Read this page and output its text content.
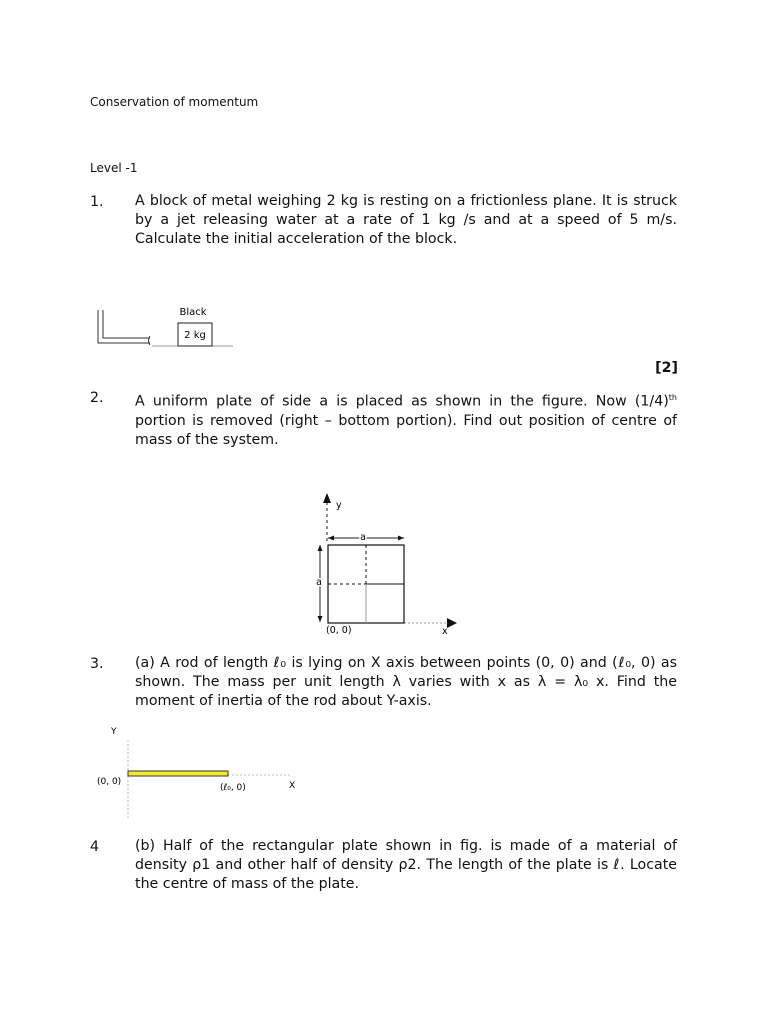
Conservation of momentum
Level -1
1. A block of metal weighing 2 kg is resting on a frictionless plane. It is struck by a jet releasing water at a rate of 1 kg /s and at a speed of 5 m/s. Calculate the initial acceleration of the block.
2 kg
Black
[2]
2. A uniform plate of side a is placed as shown in the figure. Now $(1/4)^{th}$ portion is removed (right – bottom portion). Find out position of centre of mass of the system.
y
x
a
a
(0, 0)
3. (a) A rod of length ℓ₀ is lying on X axis between points (0, 0) and (ℓ₀, 0) as shown. The mass per unit length λ varies with x as λ = λ₀ x. Find the moment of inertia of the rod about Y-axis.
Y
(0, 0)
(ℓ₀, 0)	X
4	(b) Half of the rectangular plate shown in fig. is made of a material of density ρ1 and other half of density ρ2. The length of the plate is ℓ. Locate the centre of mass of the plate.
